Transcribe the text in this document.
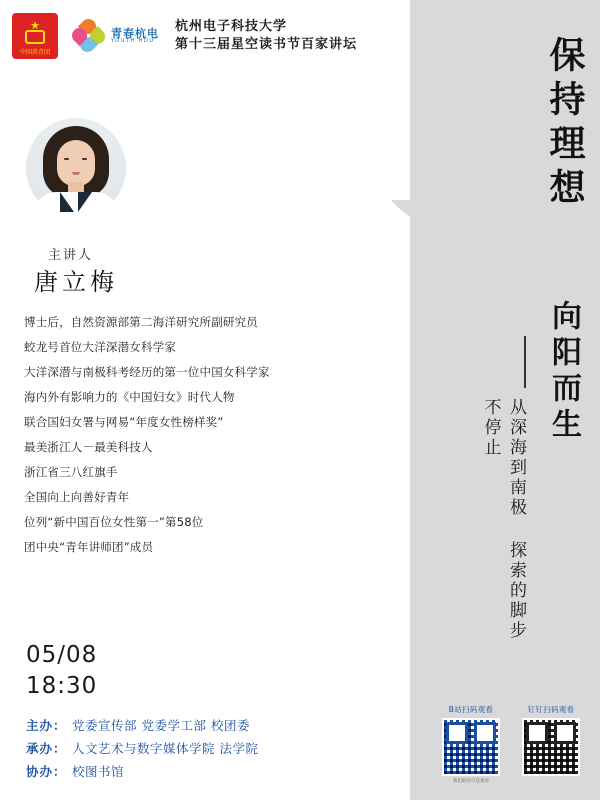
★
中国共青团
青春杭电
YOUTH HDU
杭州电子科技大学
第十三届星空读书节百家讲坛
主讲人
唐立梅
博士后，自然资源部第二海洋研究所副研究员
蛟龙号首位大洋深潜女科学家
大洋深潜与南极科考经历的第一位中国女科学家
海内外有影响力的《中国妇女》时代人物
联合国妇女署与网易“年度女性榜样奖”
最美浙江人－最美科技人
浙江省三八红旗手
全国向上向善好青年
位列“新中国百位女性第一”第58位
团中央“青年讲师团”成员
05/08
18:30
主办： 党委宣传部 党委学工部 校团委
承办： 人文艺术与数字媒体学院 法学院
协办： 校图书馆
保持理想
向阳而生
从深海到南极 探索的脚步不停止
B站扫码观看
我们取的只是观看
钉钉扫码观看
